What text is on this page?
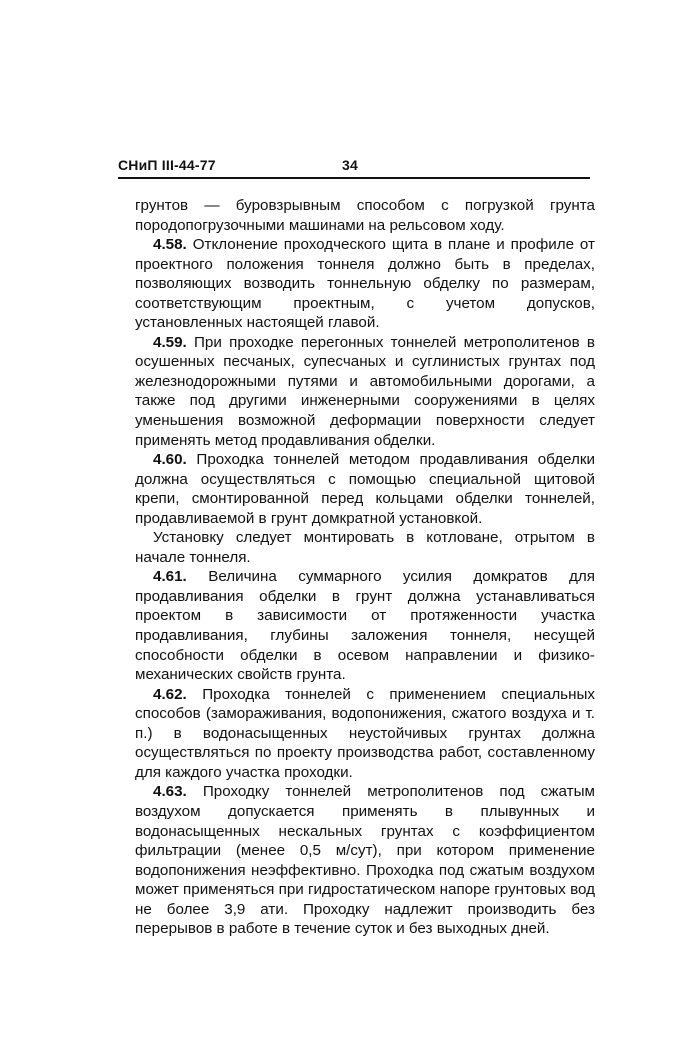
СНиП III-44-77	34

грунтов — буровзрывным способом с погрузкой грунта породопогрузочными машинами на рельсовом ходу.

4.58. Отклонение проходческого щита в плане и профиле от проектного положения тоннеля должно быть в пределах, позволяющих возводить тоннельную обделку по размерам, соответствующим проектным, с учетом допусков, установленных настоящей главой.

4.59. При проходке перегонных тоннелей метрополитенов в осушенных песчаных, супесчаных и суглинистых грунтах под железнодорожными путями и автомобильными дорогами, а также под другими инженерными сооружениями в целях уменьшения возможной деформации поверхности следует применять метод продавливания обделки.

4.60. Проходка тоннелей методом продавливания обделки должна осуществляться с помощью специальной щитовой крепи, смонтированной перед кольцами обделки тоннелей, продавливаемой в грунт домкратной установкой.

Установку следует монтировать в котловане, отрытом в начале тоннеля.

4.61. Величина суммарного усилия домкратов для продавливания обделки в грунт должна устанавливаться проектом в зависимости от протяженности участка продавливания, глубины заложения тоннеля, несущей способности обделки в осевом направлении и физико-механических свойств грунта.

4.62. Проходка тоннелей с применением специальных способов (замораживания, водопонижения, сжатого воздуха и т. п.) в водонасыщенных неустойчивых грунтах должна осуществляться по проекту производства работ, составленному для каждого участка проходки.

4.63. Проходку тоннелей метрополитенов под сжатым воздухом допускается применять в плывунных и водонасыщенных нескальных грунтах с коэффициентом фильтрации (менее 0,5 м/сут), при котором применение водопонижения неэффективно. Проходка под сжатым воздухом может применяться при гидростатическом напоре грунтовых вод не более 3,9 ати. Проходку надлежит производить без перерывов в работе в течение суток и без выходных дней.
